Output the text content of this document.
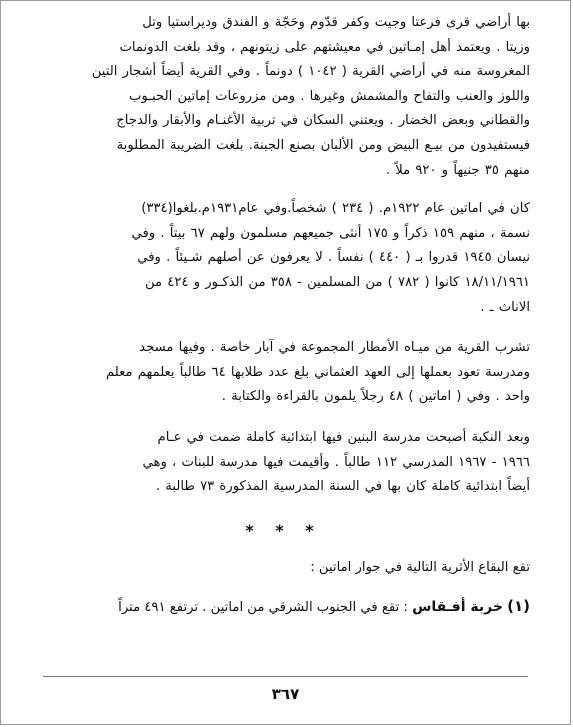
بها أراضي قرى فرعتا وجيت وكفر قدّوم وحَجّة و الفندق وديراستيا وتل
وزيتا . ويعتمد أهل إمـاتين في معيشتهم على زيتونهم ، وقد بلغت الدونمات
المغروسة منه في أراضي القرية ( ١٠٤٢ ) دونماً . وفي القرية أيضاً أشجار التين
واللوز والعنب والتفاح والمشمش وغيرها . ومن مزروعات إماتين الحبـوب
والقطاني وبعض الخضار . ويعتني السكان في تربية الأغنـام والأبقار والدجاج
فيستفيدون من بيـع البيض ومن الألبان بصنع الجبنة. بلغت الضريبة المطلوبة
منهم ٣٥ جنيهاً و ٩٢٠ ملاً .

كان في اماتين عام ١٩٢٢م. ( ٢٣٤ ) شخصاً.وفي عام١٩٣١م.بلغوا(٣٣٤)
نسمة ، منهم ١٥٩ ذكراً و ١٧٥ أنثى جميعهم مسلمون ولهم ٦٧ بيتاً . وفي
نيسان ١٩٤٥ قدروا بـ ( ٤٤٠ ) نفساً . لا يعرفون عن أصلهم شـيئاً . وفي
١٨/١١/١٩٦١ كانوا ( ٧٨٢ ) من المسلمين - ٣٥٨ من الذكـور و ٤٢٤ من
الاناث ـ .

تشرب القرية من ميـاه الأمطار المجموعة في آبار خاصة . وفيها مسجد
ومدرسة تعود بعملها إلى العهد العثماني بلغ عدد طلابها ٦٤ طالباً يعلمهم معلم
واحد . وفي ( اماتين ) ٤٨ رجلاً يلمون بالقراءة والكتابة .

وبعد النكبة أصبحت مدرسة البنين فيها ابتدائية كاملة ضمت في عـام
١٩٦٦ - ١٩٦٧ المدرسي ١١٢ طالباً . وأقيمت فيها مدرسة للبنات ، وهي
أيضاً ابتدائية كاملة كان بها في السنة المدرسية المذكورة ٧٣ طالبة .

* * *
تقع البقاع الأثرية التالية في جوار اماتين :
(١) خربة أفـقاس : تقع في الجنوب الشرقي من اماتين . ترتفع ٤٩١ متراً
٣٦٧
